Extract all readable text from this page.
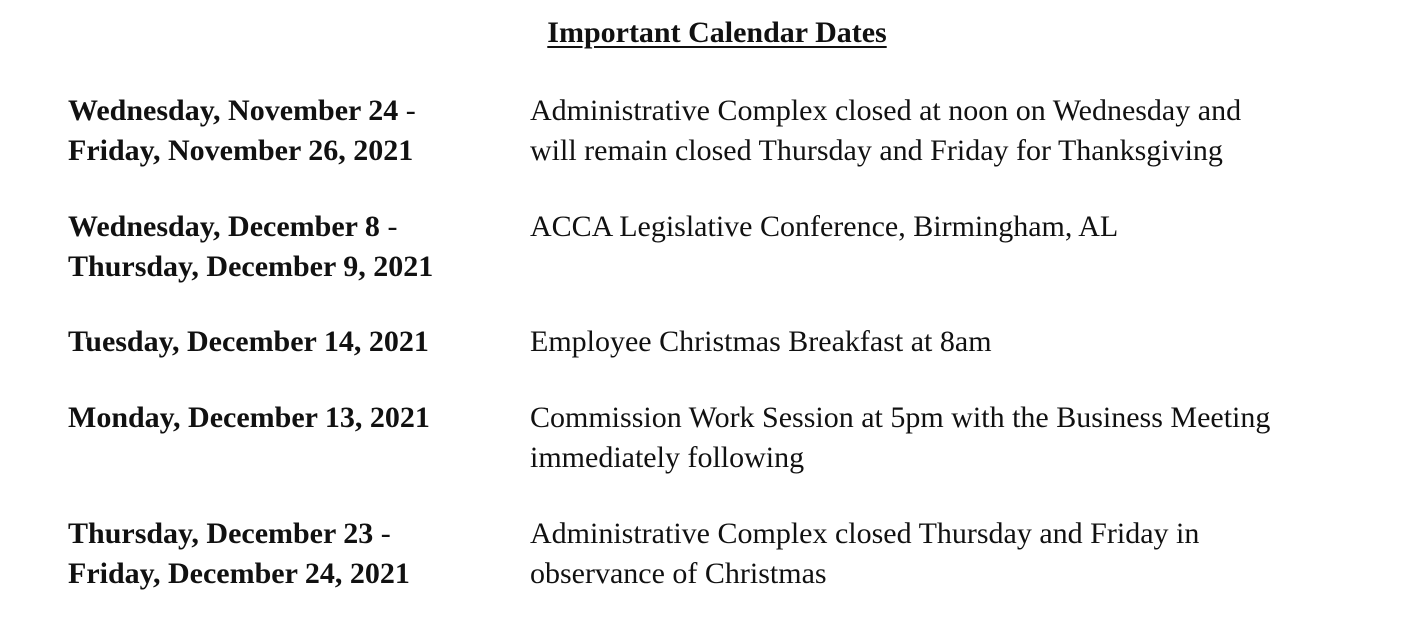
Important Calendar Dates
Wednesday, November 24 -
Friday, November 26, 2021
Administrative Complex closed at noon on Wednesday and
will remain closed Thursday and Friday for Thanksgiving
Wednesday, December 8 -
Thursday, December 9, 2021
ACCA Legislative Conference, Birmingham, AL
Tuesday, December 14, 2021	Employee Christmas Breakfast at 8am
Monday, December 13, 2021	Commission Work Session at 5pm with the Business Meeting
immediately following
Thursday, December 23 -
Friday, December 24, 2021
Administrative Complex closed Thursday and Friday in
observance of Christmas
